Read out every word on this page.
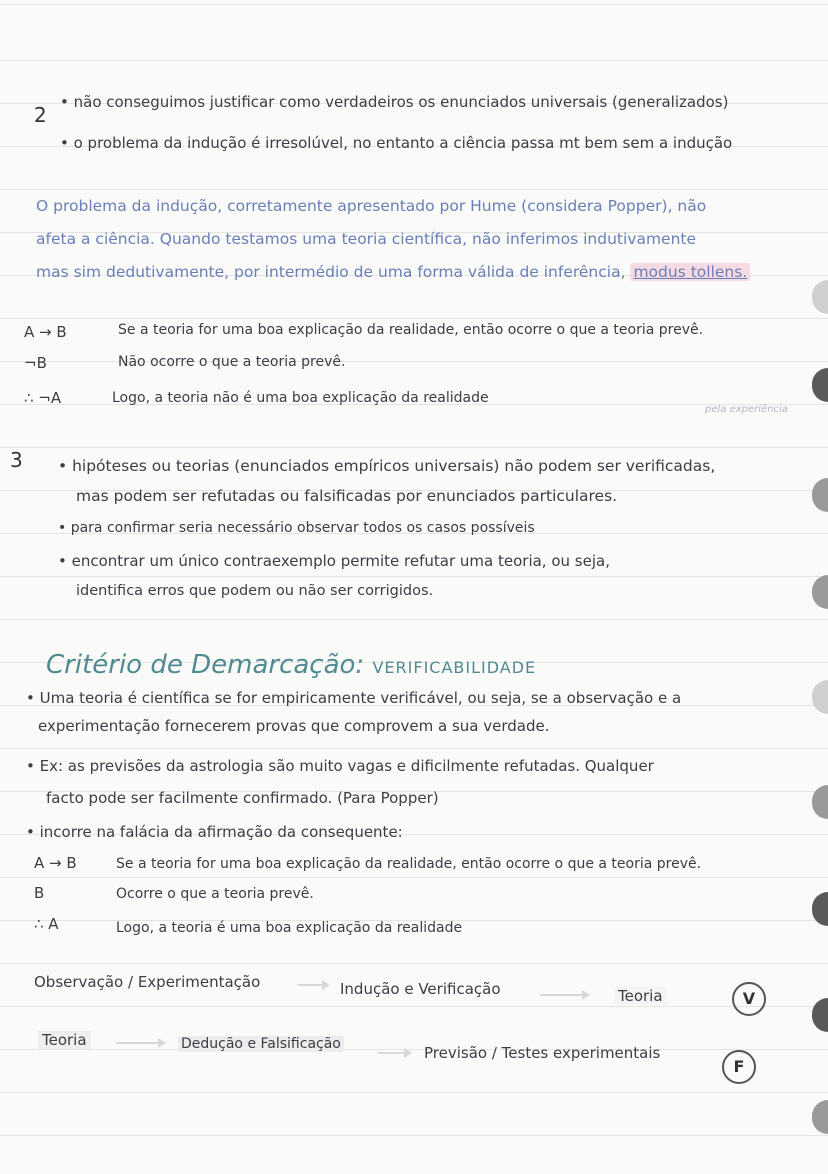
2
• não conseguimos justificar como verdadeiros os enunciados universais (generalizados)
• o problema da indução é irresolúvel, no entanto a ciência passa mt bem sem a indução
O problema da indução, corretamente apresentado por Hume (considera Popper), não
afeta a ciência. Quando testamos uma teoria científica, não inferimos indutivamente
mas sim dedutivamente, por intermédio de uma forma válida de inferência, modus tollens.
A → B	Se a teoria for uma boa explicação da realidade, então ocorre o que a teoria prevê.
¬B	Não ocorre o que a teoria prevê.
∴ ¬A	Logo, a teoria não é uma boa explicação da realidade
pela experiência
3 • hipóteses ou teorias (enunciados empíricos universais) não podem ser verificadas,
mas podem ser refutadas ou falsificadas por enunciados particulares.
• para confirmar seria necessário observar todos os casos possíveis
• encontrar um único contraexemplo permite refutar uma teoria, ou seja,
identifica erros que podem ou não ser corrigidos.
Critério de Demarcação: VERIFICABILIDADE
• Uma teoria é científica se for empiricamente verificável, ou seja, se a observação e a
experimentação fornecerem provas que comprovem a sua verdade.
• Ex: as previsões da astrologia são muito vagas e dificilmente refutadas. Qualquer
facto pode ser facilmente confirmado. (Para Popper)
• incorre na falácia da afirmação da consequente:
A → B	Se a teoria for uma boa explicação da realidade, então ocorre o que a teoria prevê.
B	Ocorre o que a teoria prevê.
∴ A	Logo, a teoria é uma boa explicação da realidade
Observação / Experimentação	Indução e Verificação	Teoria	V
Teoria	Dedução e Falsificação	Previsão / Testes experimentais
F
